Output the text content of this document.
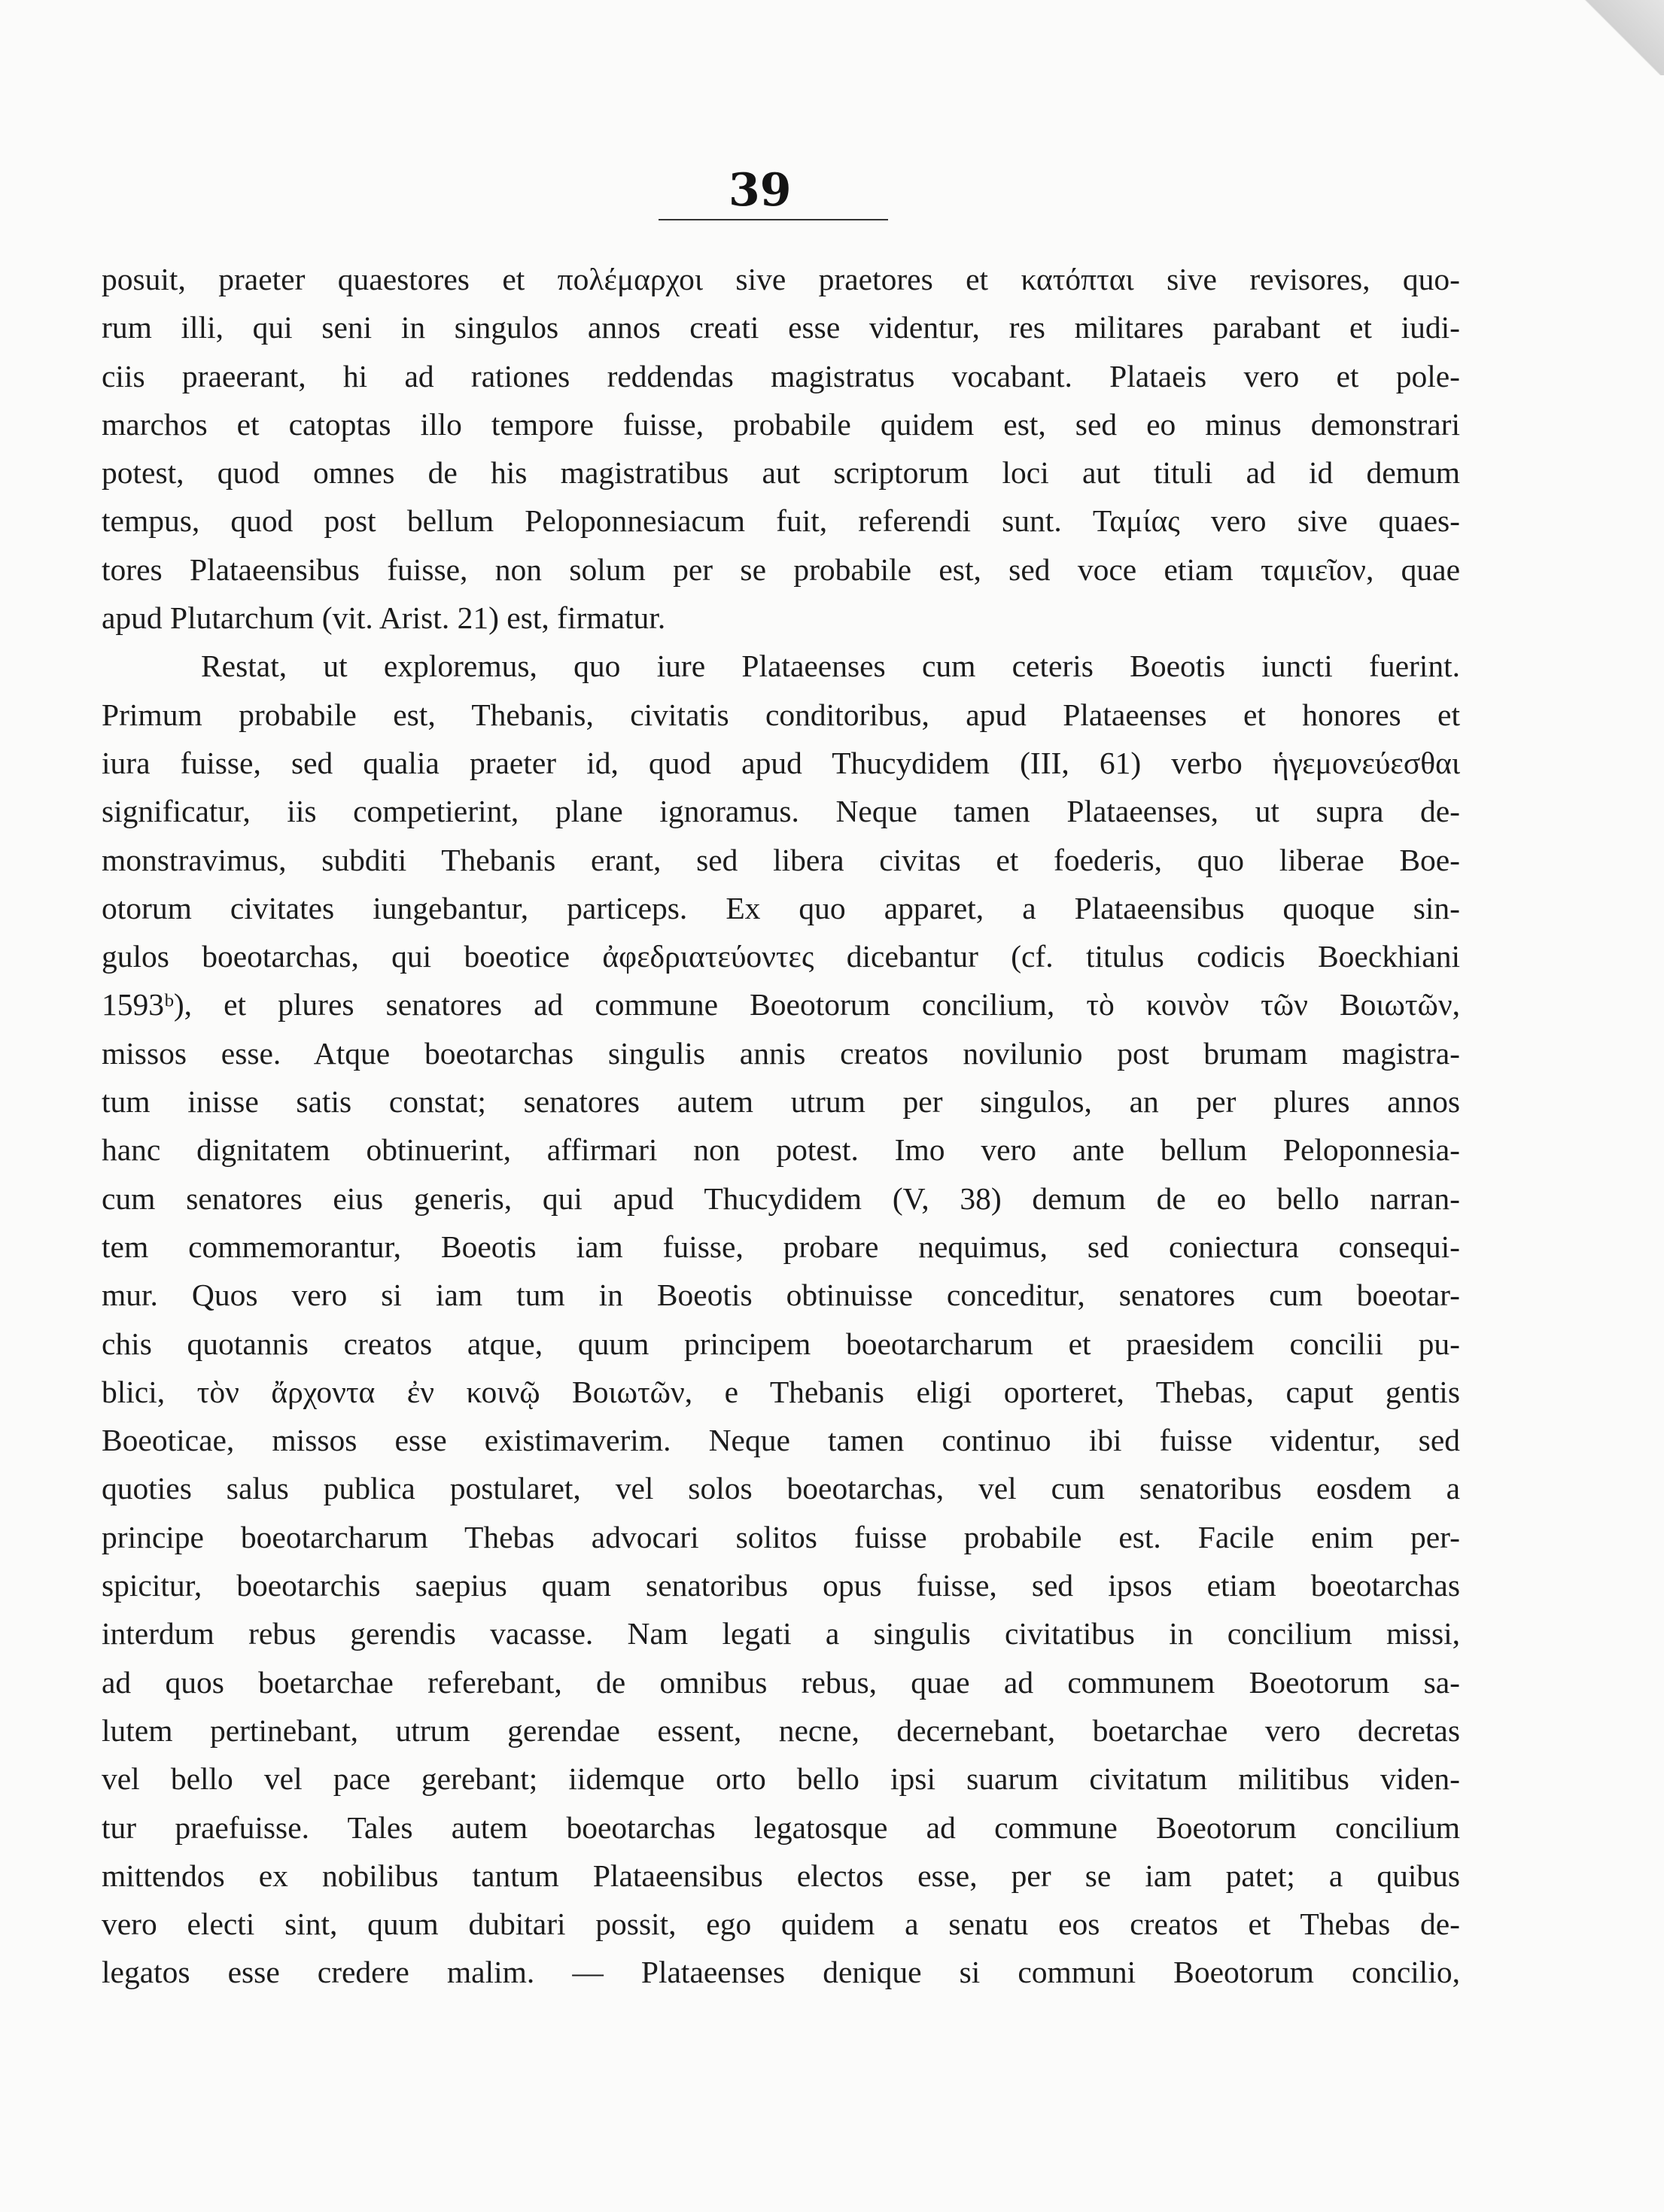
39
posuit, praeter quaestores et πολέμαρχοι sive praetores et κατόπται sive revisores, quo-
rum illi, qui seni in singulos annos creati esse videntur, res militares parabant et iudi-
ciis praeerant, hi ad rationes reddendas magistratus vocabant. Plataeis vero et pole-
marchos et catoptas illo tempore fuisse, probabile quidem est, sed eo minus demonstrari
potest, quod omnes de his magistratibus aut scriptorum loci aut tituli ad id demum
tempus, quod post bellum Peloponnesiacum fuit, referendi sunt. Ταμίας vero sive quaes-
tores Plataeensibus fuisse, non solum per se probabile est, sed voce etiam ταμιεῖον, quae
apud Plutarchum (vit. Arist. 21) est, firmatur.
Restat, ut exploremus, quo iure Plataeenses cum ceteris Boeotis iuncti fuerint.
Primum probabile est, Thebanis, civitatis conditoribus, apud Plataeenses et honores et
iura fuisse, sed qualia praeter id, quod apud Thucydidem (III, 61) verbo ἡγεμονεύεσθαι
significatur, iis competierint, plane ignoramus. Neque tamen Plataeenses, ut supra de-
monstravimus, subditi Thebanis erant, sed libera civitas et foederis, quo liberae Boe-
otorum civitates iungebantur, particeps. Ex quo apparet, a Plataeensibus quoque sin-
gulos boeotarchas, qui boeotice ἀφεδριατεύοντες dicebantur (cf. titulus codicis Boeckhiani
1593ᵇ), et plures senatores ad commune Boeotorum concilium, τὸ κοινὸν τῶν Βοιωτῶν,
missos esse. Atque boeotarchas singulis annis creatos novilunio post brumam magistra-
tum inisse satis constat; senatores autem utrum per singulos, an per plures annos
hanc dignitatem obtinuerint, affirmari non potest. Imo vero ante bellum Peloponnesia-
cum senatores eius generis, qui apud Thucydidem (V, 38) demum de eo bello narran-
tem commemorantur, Boeotis iam fuisse, probare nequimus, sed coniectura consequi-
mur. Quos vero si iam tum in Boeotis obtinuisse conceditur, senatores cum boeotar-
chis quotannis creatos atque, quum principem boeotarcharum et praesidem concilii pu-
blici, τὸν ἄρχοντα ἐν κοινῷ Βοιωτῶν, e Thebanis eligi oporteret, Thebas, caput gentis
Boeoticae, missos esse existimaverim. Neque tamen continuo ibi fuisse videntur, sed
quoties salus publica postularet, vel solos boeotarchas, vel cum senatoribus eosdem a
principe boeotarcharum Thebas advocari solitos fuisse probabile est. Facile enim per-
spicitur, boeotarchis saepius quam senatoribus opus fuisse, sed ipsos etiam boeotarchas
interdum rebus gerendis vacasse. Nam legati a singulis civitatibus in concilium missi,
ad quos boetarchae referebant, de omnibus rebus, quae ad communem Boeotorum sa-
lutem pertinebant, utrum gerendae essent, necne, decernebant, boetarchae vero decretas
vel bello vel pace gerebant; iidemque orto bello ipsi suarum civitatum militibus viden-
tur praefuisse. Tales autem boeotarchas legatosque ad commune Boeotorum concilium
mittendos ex nobilibus tantum Plataeensibus electos esse, per se iam patet; a quibus
vero electi sint, quum dubitari possit, ego quidem a senatu eos creatos et Thebas de-
legatos esse credere malim. — Plataeenses denique si communi Boeotorum concilio,
